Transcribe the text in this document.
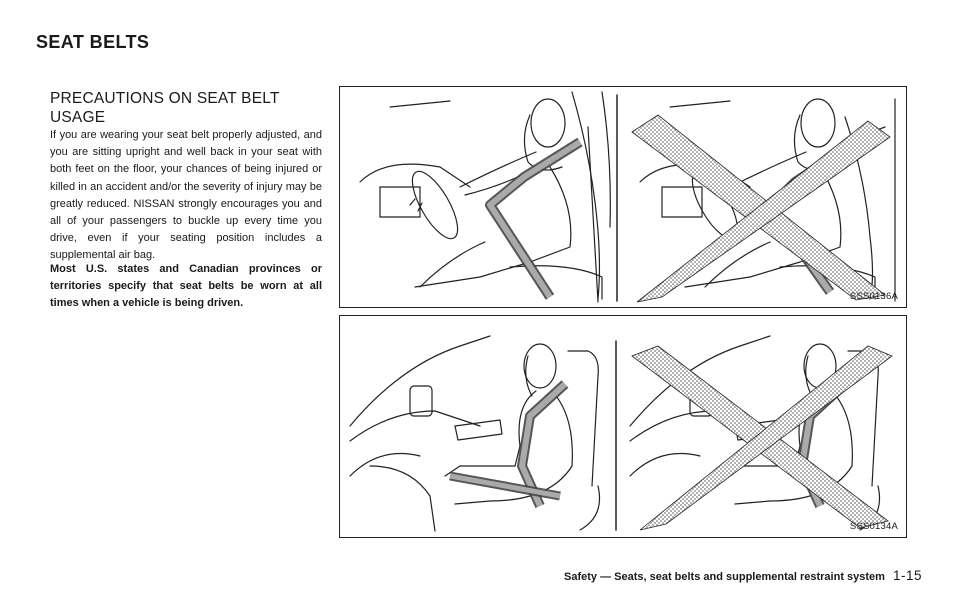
SEAT BELTS
PRECAUTIONS ON SEAT BELT USAGE

If you are wearing your seat belt properly adjusted, and you are sitting upright and well back in your seat with both feet on the floor, your chances of being injured or killed in an accident and/or the severity of injury may be greatly reduced. NISSAN strongly encourages you and all of your passengers to buckle up every time you drive, even if your seating position includes a supplemental air bag.

Most U.S. states and Canadian provinces or territories specify that seat belts be worn at all times when a vehicle is being driven.

SSS0136A
SSS0134A
Safety — Seats, seat belts and supplemental restraint system 1-15
